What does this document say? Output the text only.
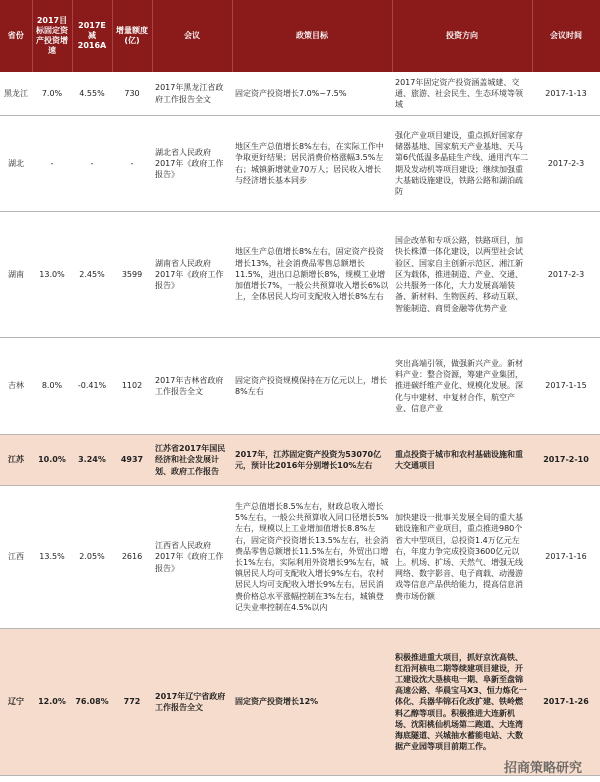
省份	2017目标固定资产投资增速	2017E减2016A	增量额度(亿)	会议	政策目标	投资方向	会议时间
黑龙江	7.0%	4.55%	730	2017年黑龙江省政府工作报告全文	固定资产投资增长7.0%~7.5%	2017年固定资产投资涵盖城建、交通、旅游、社会民生、生态环境等领域	2017-1-13
湖北	-	-	-	湖北省人民政府2017年《政府工作报告》	地区生产总值增长8%左右，在实际工作中争取更好结果；居民消费价格涨幅3.5%左右；城镇新增就业70万人；居民收入增长与经济增长基本同步	强化产业项目建设，重点抓好国家存储器基地、国家航天产业基地、天马第6代低温多晶硅生产线、通用汽车二期及发动机等项目建设；继续加强重大基础设施建设，铁路公路和湖泊疏防	2017-2-3
湖南	13.0%	2.45%	3599	湖南省人民政府2017年《政府工作报告》	地区生产总值增长8%左右，固定资产投资增长13%，社会消费品零售总额增长11.5%，进出口总额增长8%，规模工业增加值增长7%，一般公共预算收入增长6%以上，全体居民人均可支配收入增长8%左右	国企改革和专项公路，铁路项目，加快长株潭一体化建设，以两型社会试验区、国家自主创新示范区、湘江新区为载体，推进制造、产业、交通、公共服务一体化，大力发展高端装备、新材料、生物医药、移动互联、智能制造、商贸金融等优势产业	2017-2-3
吉林	8.0%	-0.41%	1102	2017年吉林省政府工作报告全文	固定资产投资规模保持在万亿元以上，增长8%左右	突出高端引领，做强新兴产业。新材料产业：整合资源，筹建产业集团，推进碳纤维产业化、规模化发展。深化与中建材、中复材合作，航空产业、信息产业	2017-1-15
江苏	10.0%	3.24%	4937	江苏省2017年国民经济和社会发展计划、政府工作报告	2017年，江苏固定资产投资为53070亿元，预计比2016年分别增长10%左右	重点投资于城市和农村基础设施和重大交通项目	2017-2-10
江西	13.5%	2.05%	2616	江西省人民政府2017年《政府工作报告》	生产总值增长8.5%左右，财政总收入增长5%左右，一般公共预算收入同口径增长5%左右，规模以上工业增加值增长8.8%左右，固定资产投资增长13.5%左右，社会消费品零售总额增长11.5%左右，外贸出口增长1%左右，实际利用外资增长9%左右，城镇居民人均可支配收入增长9%左右，农村居民人均可支配收入增长9%左右，居民消费价格总水平涨幅控制在3%左右，城镇登记失业率控制在4.5%以内	加快建设一批事关发展全局的重大基础设施和产业项目，重点推进980个省大中型项目，总投资1.4万亿元左右，年度力争完成投资3600亿元以上。机场、扩场、天然气、增强无线网络、数字影音、电子商载、动漫游戏等信息产品供给能力，提高信息消费市场份额	2017-1-16
辽宁	12.0%	76.08%	772	2017年辽宁省政府工作报告全文	固定资产投资增长12%	积极推进重大项目，抓好京沈高铁、红沿河核电二期等续建项目建设，开工建设沈大垦核电一期、阜新至盘锦高速公路、华晨宝马X3、恒力炼化一体化、兵器华锦石化改扩建、铁岭燃料乙醇等项目。积极推进大连新机场、沈阳桃仙机场第二跑道、大连湾海底隧道、兴城抽水蓄能电站、大数据产业园等项目前期工作。	2017-1-26
招商策略研究
